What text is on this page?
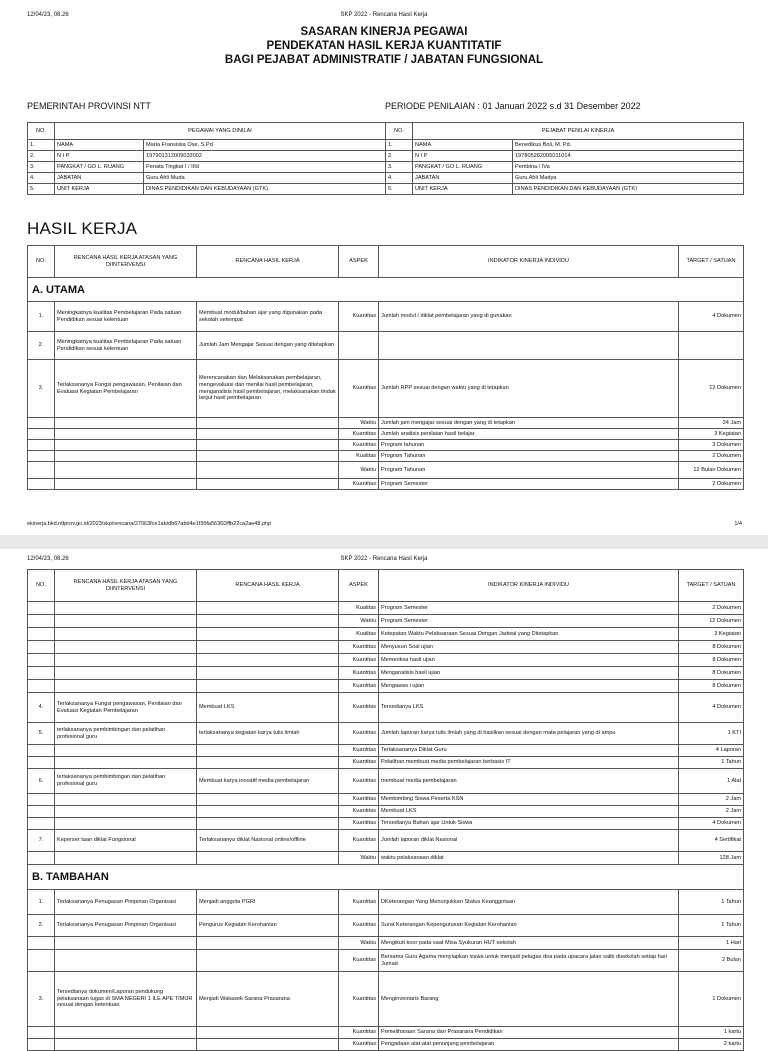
12/04/23, 08.26	SKP 2022 - Rencana Hasil Kerja
SASARAN KINERJA PEGAWAI
PENDEKATAN HASIL KERJA KUANTITATIF
BAGI PEJABAT ADMINISTRATIF / JABATAN FUNGSIONAL
PEMERINTAH PROVINSI NTT	PERIODE PENILAIAN : 01 Januari 2022 s.d 31 Desember 2022
NO.	PEGAWAI YANG DINILAI		NO.	PEJABAT PENILAI KINERJA	
1.	NAMA	Maria Fransiska Ose, S.Pd	1.	NAMA	Benedikus Boli, M. Pd.
2.	N I P	197901312009032002	2.	N I P	197805282005011014
3.	PANGKAT / GO L. RUANG	Penata Tingkat I / IIId	3.	PANGKAT / GO L. RUANG	Pembina / IVa
4.	JABATAN	Guru Ahli Muda	4.	JABATAN	Guru Ahli Madya
5.	UNIT KERJA	DINAS PENDIDIKAN DAN KEBUDAYAAN (GTK)	5.	UNIT KERJA	DINAS PENDIDIKAN DAN KEBUDAYAAN (GTK)
HASIL KERJA
NO.	RENCANA HASIL KERJA ATASAN YANG DIINTERVENSI	RENCANA HASIL KERJA	ASPEK	INDIKATOR KINERJA INDIVIDU	TARGET / SATUAN
A. UTAMA					
1.	Meningkatnya kualitas Pembelajaran Pada satuan Pendidikan sesuai kelentuan	Membuat modul/bahan ajar yang digunakan pada sekolah setempat	Kuantitas	Jumlah modul / diklat pembelajaran yang di gunakan	4 Dokumen
2.	Meningkatnya kualitas Pembelajaran Pada satuan Pendidikan sesuai kelentuan	Jumlah Jam Mengajar Sesuai dengan yang ditetapkan			
3.	Terlaksananya Fungsi pengawasan, Penilaian dan Evaluasi Kegiatan Pembelajaran	Merencanakan dan Melaksanakan pembelajaran, mengevaluasi dan menilai hasil pembelajaran, menganalisis hasil pembelajaran, melaksanakan tindak lanjut hasil pembelajaran	Kuantitas	Jumlah RPP sesuai dengan waktu yang di tetapkan	12 Dokumen
			Waktu	Jumlah jam mengajar sesuai dengan yang di tetapkan	24 Jam
			Kuantitas	Jumlah analisis penilaian hasil belajar	3 Kegiatan
			Kuantitas	Program tahunan	3 Dokumen
			Kualitas	Program Tahunan	2 Dokumen
			Waktu	Program Tahunan	12 Bulan Dokumen
			Kuantitas	Program Semester	2 Dokumen
ekinerja.bkd.nttprov.go.id/2023/skp/rencana/27063fce1ab/db67abd4e1f36fa5636Dffb22ca2ae48.php	1/4
12/04/23, 08.26	SKP 2022 - Rencana Hasil Kerja
NO.	RENCANA HASIL KERJA ATASAN YANG DIINTERVENSI	RENCANA HASIL KERJA	ASPEK	INDIKATOR KINERJA INDIVIDU	TARGET / SATUAN
			Kualitas	Program Semester	2 Dokumen
			Waktu	Program Semester	12 Dokumen
			Kualitas	Ketepatan Waktu Pelaksanaan Sesuai Dengan Jadwal yang Ditetapkan	3 Kegiatan
			Kuantitas	Menyusun Soal ujian	8 Dokumen
			Kuantitas	Memeriksa hasil ujian	8 Dokumen
			Kuantitas	Menganalisis hasil ujian	8 Dokumen
			Kuantitas	Mengawas i ujian	8 Dokumen
4.	Terlaksananya Fungsi pengawasan, Penilaian dan Evaluasi Kegiatan Pembelajaran	Membuat LKS	Kuantitas	Tersedianya LKS	4 Dokumen
5.	terlaksananya pembimbingan dan pelatihan profesional guru	terlaksananya kegiatan karya tulis ilmiah	Kuantitas	Jumlah laporan karya tulis ilmiah yang di hasilkan sesuai dengan mata pelajaran yang di ampu	1 KTI
			Kuantitas	Terlaksananya Diklat Guru	4 Laporan
			Kuantitas	Pelatihan membuat media pembelajaran berbasis IT	1 Tahun
6.	terlaksananya pembimbingan dan pelatihan profesional guru	Membuat karya inovatif media pembelajaran	Kuantitas	membuat media pembelajaran	1 Alat
			Kuantitas	Membimbing Siswa Peserta KSN	2 Jam
			Kuantitas	Membuat LKS	2 Jam
			Kuantitas	Tersedianya Bahan ajar Untuk Siswa	4 Dokumen
7.	Keperser taan diklat Fungsional	Terlaksananya diklat Nasional online/offline	Kuantitas	Jumlah laporan diklat Nasional	4 Sertifikat
			Waktu	waktu pelaksanaan diklat	128 Jam
B. TAMBAHAN					
1.	Terlaksananya Penugasan Pimpinan Organisasi	Menjadi anggota PGRI	Kuantitas	DKeterangan Yang Menunjukkan Status Keanggotaan	1 Tahun
2.	Terlaksananya Penugasan Pimpinan Organisasi	Pengurus Kegiatan Kerohanian	Kuantitas	Surat Keterangan Kepengurusan Kegiatan Kerohanian	1 Tahun
			Waktu	Mengikuti koor pada saat Misa Syukuran HUT sekolah	1 Hari
			Kuantitas	Bersama Guru Agama menyiapkan siswa untuk menjadi petugas doa pada upacara jalan salib disekolah setiap hari Jumad	2 Bulan
3.	Tersedianya dokumen/Laporan pendukung pelaksanaan tugas di SMA NEGERI 1 ILE APE TIMUR sesuai dengan ketentuan	Menjadi Wakasek Sarana Prasarana	Kuantitas	Menginventaris Barang	1 Dokumen
			Kuantitas	Pemeliharaan Sarana dan Prasarana Pendidikan	1 kartu
			Kuantitas	Pengadaan alat-alat penunjang pembelajaran	2 kartu
